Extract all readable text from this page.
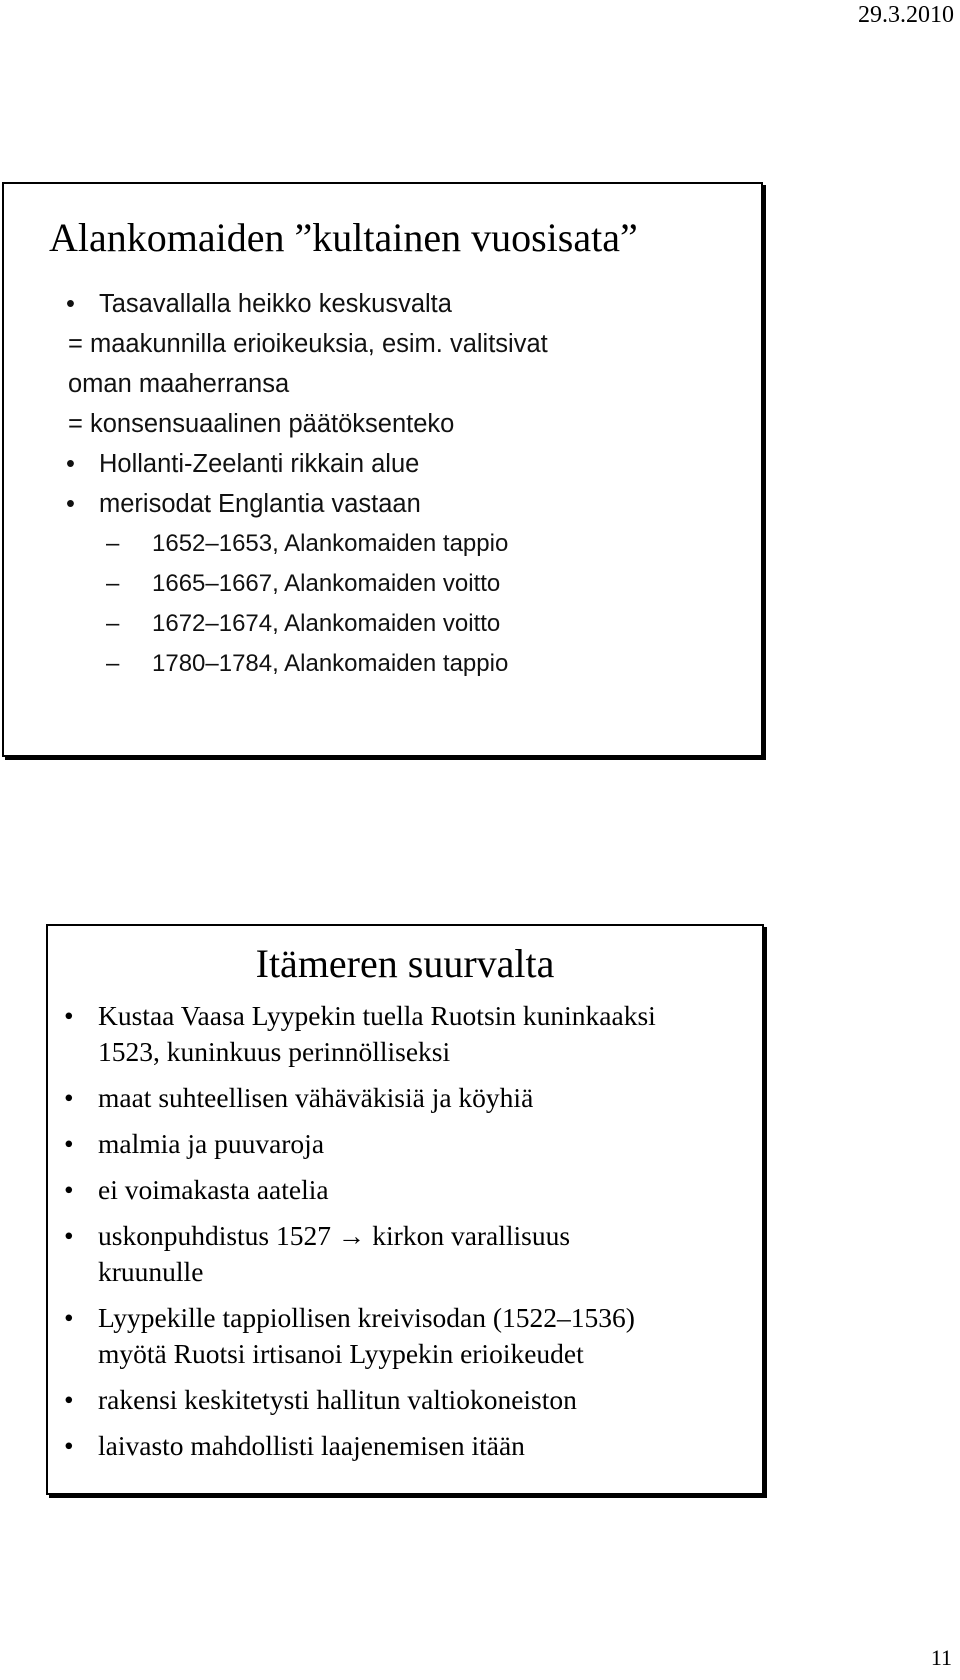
29.3.2010
Alankomaiden ”kultainen vuosisata”
• Tasavallalla heikko keskusvalta
= maakunnilla erioikeuksia, esim. valitsivat
oman maaherransa
= konsensuaalinen päätöksenteko
• Hollanti-Zeelanti rikkain alue
• merisodat Englantia vastaan
– 1652–1653, Alankomaiden tappio
– 1665–1667, Alankomaiden voitto
– 1672–1674, Alankomaiden voitto
– 1780–1784, Alankomaiden tappio
Itämeren suurvalta
• Kustaa Vaasa Lyypekin tuella Ruotsin kuninkaaksi 1523, kuninkuus perinnölliseksi
• maat suhteellisen vähäväkisiä ja köyhiä
• malmia ja puuvaroja
• ei voimakasta aatelia
• uskonpuhdistus 1527 → kirkon varallisuus kruunulle
• Lyypekille tappiollisen kreivisodan (1522–1536) myötä Ruotsi irtisanoi Lyypekin erioikeudet
• rakensi keskitetysti hallitun valtiokoneiston
• laivasto mahdollisti laajenemisen itään
11
